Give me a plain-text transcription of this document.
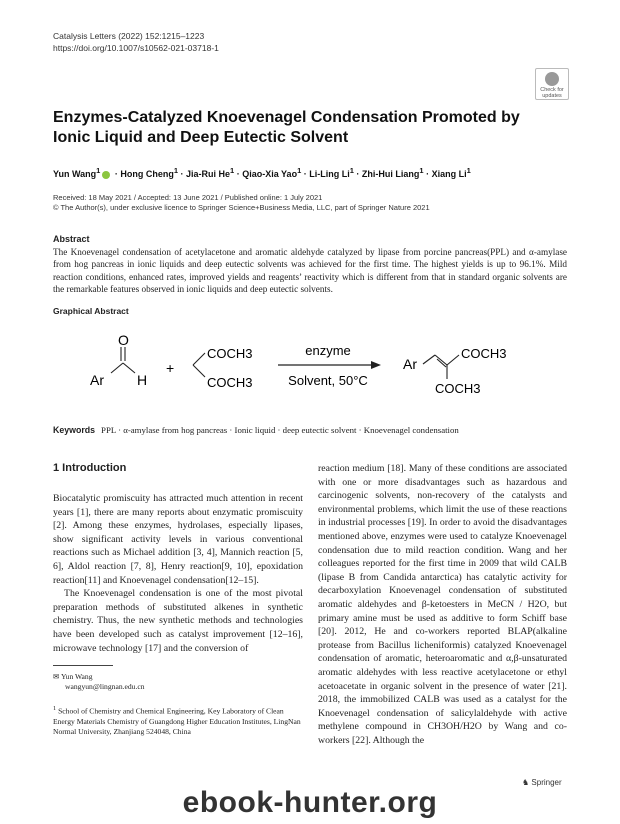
Catalysis Letters (2022) 152:1215–1223
https://doi.org/10.1007/s10562-021-03718-1
Check for updates
Enzymes-Catalyzed Knoevenagel Condensation Promoted by Ionic Liquid and Deep Eutectic Solvent
Yun Wang$^1$ · Hong Cheng$^1$ · Jia-Rui $He^1$ · Qiao-Xia Yao$^1$ · Li-Ling $Li^1 \cdot Zhi-Hui$ Liang$^1$ · Xiang Li$^1$
Received: 18 May 2021 / Accepted: 13 June 2021 / Published online: 1 July 2021
© The Author(s), under exclusive licence to Springer Science+Business Media, LLC, part of Springer Nature 2021
Abstract
The Knoevenagel condensation of acetylacetone and aromatic aldehyde catalyzed by lipase from porcine pancreas(PPL) and α-amylase from hog pancreas in ionic liquids and deep eutectic solvents was achieved for the first time. The highest yields is up to 96.1%. Mild reaction conditions, enhanced rates, improved yields and reagents’ reactivity which is different from that in standard organic solvents are the remarkable features observed in ionic liquids and deep eutectic solvents.
Graphical Abstract
Ar
O
H
+
COCH3
COCH3
enzyme
Solvent, 50°C
Ar
COCH3
COCH3
Keywords PPL · α-amylase from hog pancreas · Ionic liquid · deep eutectic solvent · Knoevenagel condensation
1 Introduction

Biocatalytic promiscuity has attracted much attention in recent years [1], there are many reports about enzymatic promiscuity [2]. Among these enzymes, hydrolases, especially lipases, show significant activity levels in various conventional reactions such as Michael addition [3, 4], Mannich reaction [5, 6], Aldol reaction [7, 8], Henry reaction[9, 10], epoxidation reaction[11] and Knoevenagel condensation[12–15].

The Knoevenagel condensation is one of the most pivotal preparation methods of substituted alkenes in synthetic chemistry. Thus, the new synthetic methods and technologies have been developed such as catalyst improvement [12–16], microwave technology [17] and the conversion of

reaction medium [18]. Many of these conditions are associated with one or more disadvantages such as hazardous and carcinogenic solvents, non-recovery of the catalysts and environmental problems, which limit the use of these reactions in industrial processes [19]. In order to avoid the disadvantages mentioned above, enzymes were used to catalyze Knoevenagel condensation due to mild reaction condition. Wang and her colleagues reported for the first time in 2009 that wild CALB (lipase B from Candida antarctica) has catalytic activity for decarboxylation Knoevenagel condensation of substituted aromatic aldehydes and β-ketoesters in MeCN / H2O, but primary amine must be used as additive to form Schiff base [20]. 2012, He and co-workers reported BLAP(alkaline protease from Bacillus licheniformis) catalyzed Knoevenagel condensation of aromatic, heteroaromatic and α,β-unsaturated aromatic aldehydes with less reactive acetylacetone or ethyl acetoacetate in organic solvent in the presence of water [21]. 2018, the immobilized CALB was used as a catalyst for the Knoevenagel condensation of salicylaldehyde with active methylene compound in CH3OH/H2O by Wang and co-workers [22]. Although the

✉ Yun Wang
wangyun@lingnan.edu.cn
$^1$ School of Chemistry and Chemical Engineering, Key Laboratory of Clean Energy Materials Chemistry of Guangdong Higher Education Institutes, LingNan Normal University, Zhanjiang 524048, China
♞ Springer
ebook-hunter.org
